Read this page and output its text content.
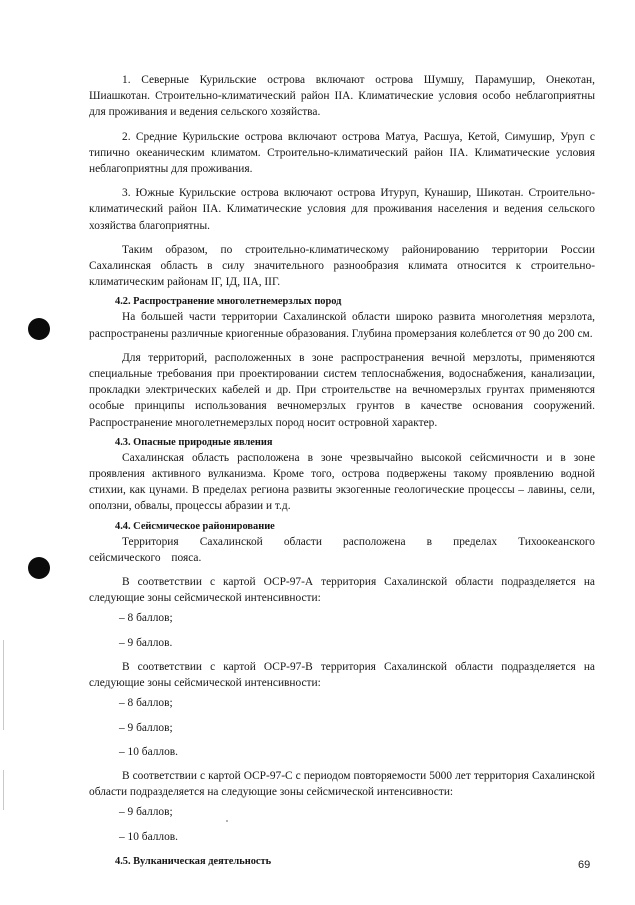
1. Северные Курильские острова включают острова Шумшу, Парамушир, Онекотан, Шиашкотан. Строительно-климатический район IIА. Климатические условия особо неблагоприятны для проживания и ведения сельского хозяйства.

2. Средние Курильские острова включают острова Матуа, Расшуа, Кетой, Симушир, Уруп с типично океаническим климатом. Строительно-климатический район IIА. Климатические условия неблагоприятны для проживания.

3. Южные Курильские острова включают острова Итуруп, Кунашир, Шикотан. Строительно-климатический район IIА. Климатические условия для проживания населения и ведения сельского хозяйства благоприятны.

Таким образом, по строительно-климатическому районированию территории России Сахалинская область в силу значительного разнообразия климата относится к строительно-климатическим районам IГ, IД, IIА, IIГ.

4.2. Распространение многолетнемерзлых пород

На большей части территории Сахалинской области широко развита многолетняя мерзлота, распространены различные криогенные образования. Глубина промерзания колеблется от 90 до 200 см.

Для территорий, расположенных в зоне распространения вечной мерзлоты, применяются специальные требования при проектировании систем теплоснабжения, водоснабжения, канализации, прокладки электрических кабелей и др. При строительстве на вечномерзлых грунтах применяются особые принципы использования вечномерзлых грунтов в качестве основания сооружений. Распространение многолетнемерзлых пород носит островной характер.

4.3. Опасные природные явления

Сахалинская область расположена в зоне чрезвычайно высокой сейсмичности и в зоне проявления активного вулканизма. Кроме того, острова подвержены такому проявлению водной стихии, как цунами. В пределах региона развиты экзогенные геологические процессы – лавины, сели, оползни, обвалы, процессы абразии и т.д.

4.4. Сейсмическое районирование

Территория Сахалинской области расположена в пределах Тихоокеанского сейсмического пояса.

В соответствии с картой ОСР-97-А территория Сахалинской области подразделяется на следующие зоны сейсмической интенсивности:

– 8 баллов;
– 9 баллов.

В соответствии с картой ОСР-97-В территория Сахалинской области подразделяется на следующие зоны сейсмической интенсивности:

– 8 баллов;
– 9 баллов;
– 10 баллов.

В соответствии с картой ОСР-97-С с периодом повторяемости 5000 лет территория Сахалинской области подразделяется на следующие зоны сейсмической интенсивности:

– 9 баллов;
– 10 баллов.
4.5. Вулканическая деятельность	69
